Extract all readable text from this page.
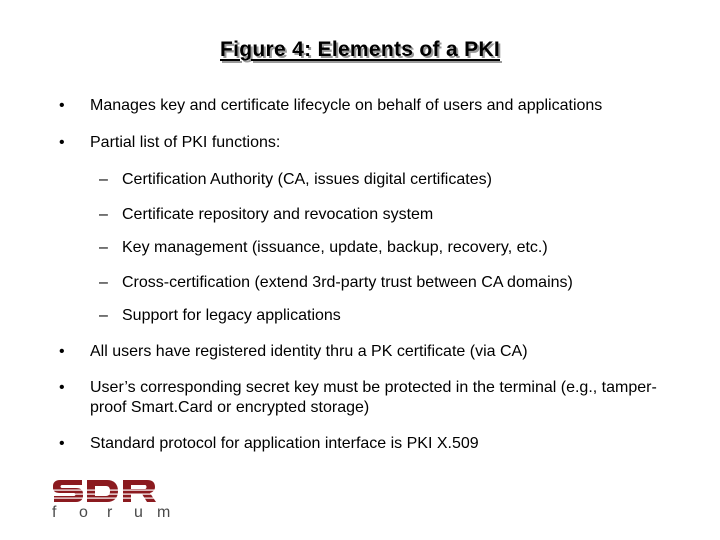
Figure 4: Elements of a PKI
• Manages key and certificate lifecycle on behalf of users and applications
• Partial list of PKI functions:
– Certification Authority (CA, issues digital certificates)
– Certificate repository and revocation system
– Key management (issuance, update, backup, recovery, etc.)
– Cross-certification (extend 3rd-party trust between CA domains)
– Support for legacy applications
• All users have registered identity thru a PK certificate (via CA)
• User’s corresponding secret key must be protected in the terminal (e.g., tamper-proof Smart.Card or encrypted storage)
• Standard protocol for application interface is PKI X.509
f o r u m
